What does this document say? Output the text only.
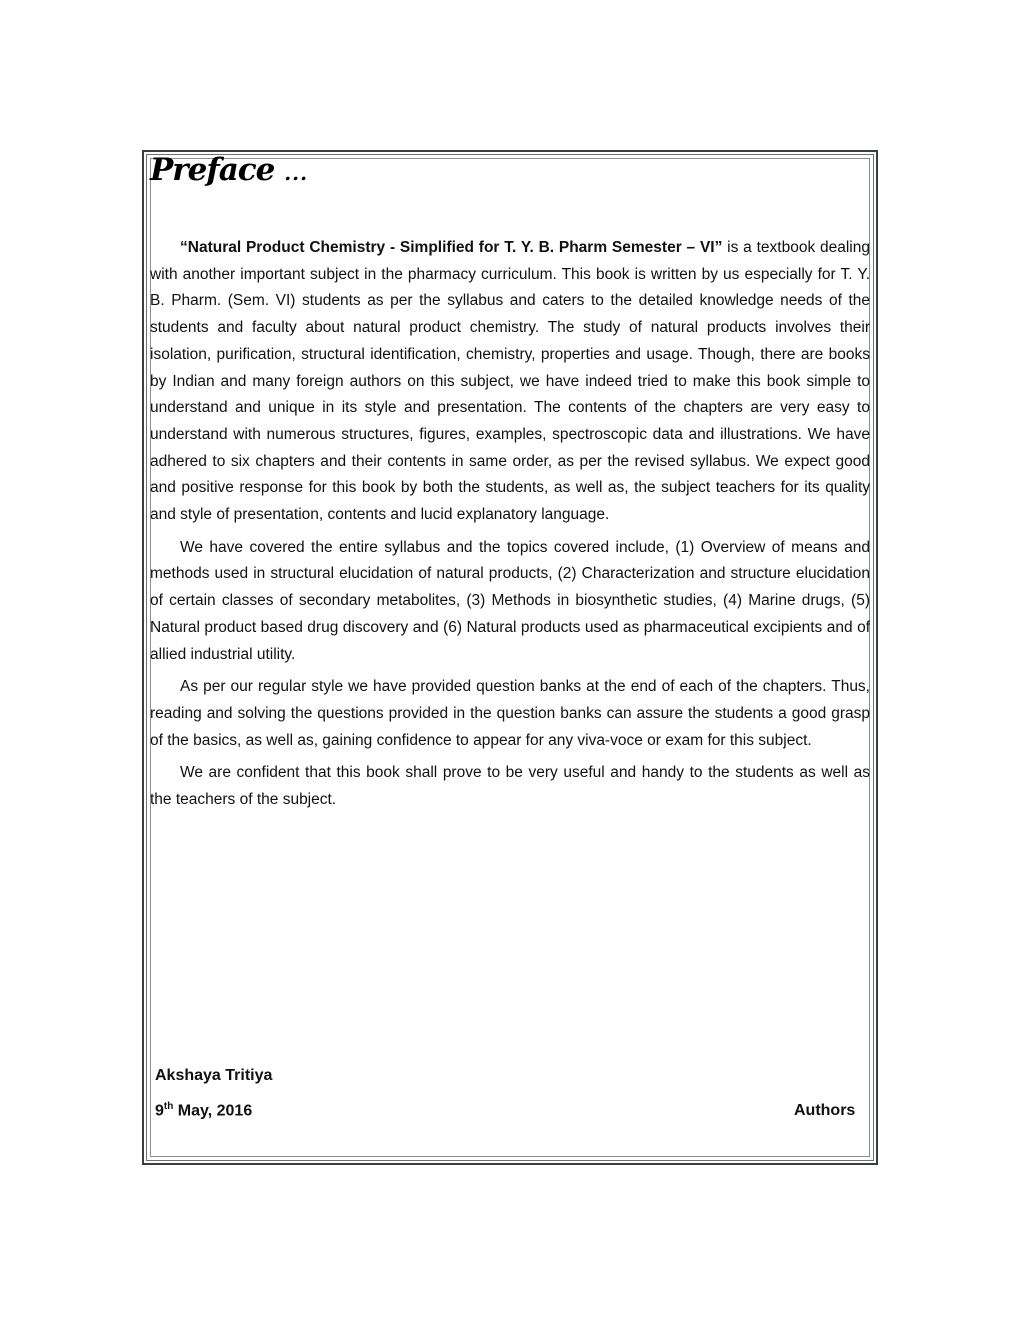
Preface ...

“Natural Product Chemistry - Simplified for T. Y. B. Pharm Semester – VI” is a textbook dealing with another important subject in the pharmacy curriculum. This book is written by us especially for T. Y. B. Pharm. (Sem. VI) students as per the syllabus and caters to the detailed knowledge needs of the students and faculty about natural product chemistry. The study of natural products involves their isolation, purification, structural identification, chemistry, properties and usage. Though, there are books by Indian and many foreign authors on this subject, we have indeed tried to make this book simple to understand and unique in its style and presentation. The contents of the chapters are very easy to understand with numerous structures, figures, examples, spectroscopic data and illustrations. We have adhered to six chapters and their contents in same order, as per the revised syllabus. We expect good and positive response for this book by both the students, as well as, the subject teachers for its quality and style of presentation, contents and lucid explanatory language.

We have covered the entire syllabus and the topics covered include, (1) Overview of means and methods used in structural elucidation of natural products, (2) Characterization and structure elucidation of certain classes of secondary metabolites, (3) Methods in biosynthetic studies, (4) Marine drugs, (5) Natural product based drug discovery and (6) Natural products used as pharmaceutical excipients and of allied industrial utility.

As per our regular style we have provided question banks at the end of each of the chapters. Thus, reading and solving the questions provided in the question banks can assure the students a good grasp of the basics, as well as, gaining confidence to appear for any viva-voce or exam for this subject.

We are confident that this book shall prove to be very useful and handy to the students as well as the teachers of the subject.

Akshaya Tritiya
9th May, 2016	Authors
